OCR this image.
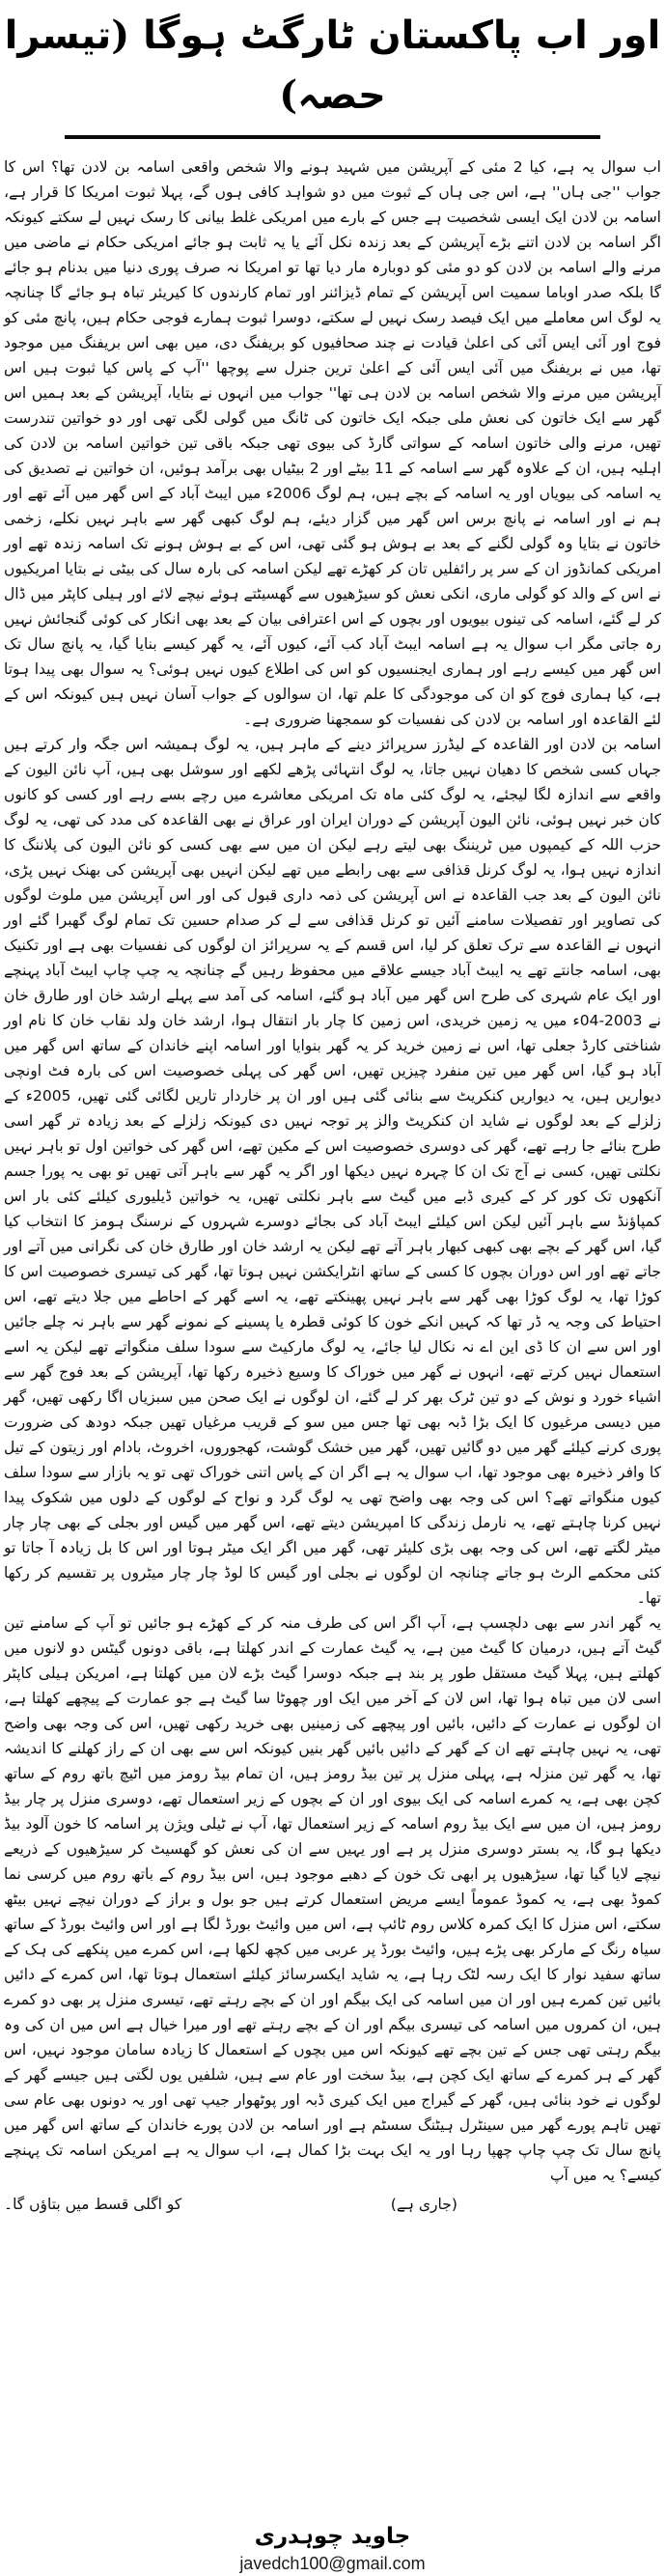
اور اب پاکستان ٹارگٹ ہوگا (تیسرا حصہ)

اب سوال یہ ہے، کیا 2 مئی کے آپریشن میں شہید ہونے والا شخص واقعی اسامہ بن لادن تھا؟ اس کا جواب ''جی ہاں'' ہے، اس جی ہاں کے ثبوت میں دو شواہد کافی ہوں گے، پہلا ثبوت امریکا کا قرار ہے، اسامہ بن لادن ایک ایسی شخصیت ہے جس کے بارے میں امریکی غلط بیانی کا رسک نہیں لے سکتے کیونکہ اگر اسامہ بن لادن اتنے بڑے آپریشن کے بعد زندہ نکل آئے یا یہ ثابت ہو جائے امریکی حکام نے ماضی میں مرنے والے اسامہ بن لادن کو دو مئی کو دوبارہ مار دیا تھا تو امریکا نہ صرف پوری دنیا میں بدنام ہو جائے گا بلکہ صدر اوباما سمیت اس آپریشن کے تمام ڈیزائنر اور تمام کارندوں کا کیریئر تباہ ہو جائے گا چنانچہ یہ لوگ اس معاملے میں ایک فیصد رسک نہیں لے سکتے، دوسرا ثبوت ہمارے فوجی حکام ہیں، پانچ مئی کو فوج اور آئی ایس آئی کی اعلیٰ قیادت نے چند صحافیوں کو بریفنگ دی، میں بھی اس بریفنگ میں موجود تھا، میں نے بریفنگ میں آئی ایس آئی کے اعلیٰ ترین جنرل سے پوچھا ''آپ کے پاس کیا ثبوت ہیں اس آپریشن میں مرنے والا شخص اسامہ بن لادن ہی تھا'' جواب میں انہوں نے بتایا، آپریشن کے بعد ہمیں اس گھر سے ایک خاتون کی نعش ملی جبکہ ایک خاتون کی ٹانگ میں گولی لگی تھی اور دو خواتین تندرست تھیں، مرنے والی خاتون اسامہ کے سواتی گارڈ کی بیوی تھی جبکہ باقی تین خواتین اسامہ بن لادن کی اہلیہ ہیں، ان کے علاوہ گھر سے اسامہ کے 11 بیٹے اور 2 بیٹیاں بھی برآمد ہوئیں، ان خواتین نے تصدیق کی یہ اسامہ کی بیویاں اور یہ اسامہ کے بچے ہیں، ہم لوگ 2006ء میں ایبٹ آباد کے اس گھر میں آئے تھے اور ہم نے اور اسامہ نے پانچ برس اس گھر میں گزار دیئے، ہم لوگ کبھی گھر سے باہر نہیں نکلے، زخمی خاتون نے بتایا وہ گولی لگنے کے بعد بے ہوش ہو گئی تھی، اس کے بے ہوش ہونے تک اسامہ زندہ تھے اور امریکی کمانڈوز ان کے سر پر رائفلیں تان کر کھڑے تھے لیکن اسامہ کی بارہ سال کی بیٹی نے بتایا امریکیوں نے اس کے والد کو گولی ماری، انکی نعش کو سیڑھیوں سے گھسیٹتے ہوئے نیچے لائے اور ہیلی کاپٹر میں ڈال کر لے گئے، اسامہ کی تینوں بیویوں اور بچوں کے اس اعترافی بیان کے بعد بھی انکار کی کوئی گنجائش نہیں رہ جاتی مگر اب سوال یہ ہے اسامہ ایبٹ آباد کب آئے، کیوں آئے، یہ گھر کیسے بنایا گیا، یہ پانچ سال تک اس گھر میں کیسے رہے اور ہماری ایجنسیوں کو اس کی اطلاع کیوں نہیں ہوئی؟ یہ سوال بھی پیدا ہوتا ہے، کیا ہماری فوج کو ان کی موجودگی کا علم تھا، ان سوالوں کے جواب آسان نہیں ہیں کیونکہ اس کے لئے القاعدہ اور اسامہ بن لادن کی نفسیات کو سمجھنا ضروری ہے۔

اسامہ بن لادن اور القاعدہ کے لیڈرز سرپرائز دینے کے ماہر ہیں، یہ لوگ ہمیشہ اس جگہ وار کرتے ہیں جہاں کسی شخص کا دھیان نہیں جاتا، یہ لوگ انتہائی پڑھے لکھے اور سوشل بھی ہیں، آپ نائن الیون کے واقعے سے اندازہ لگا لیجئے، یہ لوگ کئی ماہ تک امریکی معاشرے میں رچے بسے رہے اور کسی کو کانوں کان خبر نہیں ہوئی، نائن الیون آپریشن کے دوران ایران اور عراق نے بھی القاعدہ کی مدد کی تھی، یہ لوگ حزب اللہ کے کیمپوں میں ٹریننگ بھی لیتے رہے لیکن ان میں سے بھی کسی کو نائن الیون کی پلاننگ کا اندازہ نہیں ہوا، یہ لوگ کرنل قذافی سے بھی رابطے میں تھے لیکن انہیں بھی آپریشن کی بھنک نہیں پڑی، نائن الیون کے بعد جب القاعدہ نے اس آپریشن کی ذمہ داری قبول کی اور اس آپریشن میں ملوث لوگوں کی تصاویر اور تفصیلات سامنے آئیں تو کرنل قذافی سے لے کر صدام حسین تک تمام لوگ گھبرا گئے اور انہوں نے القاعدہ سے ترک تعلق کر لیا، اس قسم کے یہ سرپرائز ان لوگوں کی نفسیات بھی ہے اور تکنیک بھی، اسامہ جانتے تھے یہ ایبٹ آباد جیسے علاقے میں محفوظ رہیں گے چنانچہ یہ چپ چاپ ایبٹ آباد پہنچے اور ایک عام شہری کی طرح اس گھر میں آباد ہو گئے، اسامہ کی آمد سے پہلے ارشد خان اور طارق خان نے 2003-04ء میں یہ زمین خریدی، اس زمین کا چار بار انتقال ہوا، ارشد خان ولد نقاب خان کا نام اور شناختی کارڈ جعلی تھا، اس نے زمین خرید کر یہ گھر بنوایا اور اسامہ اپنے خاندان کے ساتھ اس گھر میں آباد ہو گیا، اس گھر میں تین منفرد چیزیں تھیں، اس گھر کی پہلی خصوصیت اس کی بارہ فٹ اونچی دیواریں ہیں، یہ دیواریں کنکریٹ سے بنائی گئی ہیں اور ان پر خاردار تاریں لگائی گئی تھیں، 2005ء کے زلزلے کے بعد لوگوں نے شاید ان کنکریٹ والز پر توجہ نہیں دی کیونکہ زلزلے کے بعد زیادہ تر گھر اسی طرح بنائے جا رہے تھے، گھر کی دوسری خصوصیت اس کے مکین تھے، اس گھر کی خواتین اول تو باہر نہیں نکلتی تھیں، کسی نے آج تک ان کا چہرہ نہیں دیکھا اور اگر یہ گھر سے باہر آتی تھیں تو بھی یہ پورا جسم آنکھوں تک کور کر کے کیری ڈبے میں گیٹ سے باہر نکلتی تھیں، یہ خواتین ڈیلیوری کیلئے کئی بار اس کمپاؤنڈ سے باہر آئیں لیکن اس کیلئے ایبٹ آباد کی بجائے دوسرے شہروں کے نرسنگ ہومز کا انتخاب کیا گیا، اس گھر کے بچے بھی کبھی کبھار باہر آتے تھے لیکن یہ ارشد خان اور طارق خان کی نگرانی میں آتے اور جاتے تھے اور اس دوران بچوں کا کسی کے ساتھ انٹرایکشن نہیں ہوتا تھا، گھر کی تیسری خصوصیت اس کا کوڑا تھا، یہ لوگ کوڑا بھی گھر سے باہر نہیں پھینکتے تھے، یہ اسے گھر کے احاطے میں جلا دیتے تھے، اس احتیاط کی وجہ یہ ڈر تھا کہ کہیں انکے خون کا کوئی قطرہ یا پسینے کے نمونے گھر سے باہر نہ چلے جائیں اور اس سے ان کا ڈی این اے نہ نکال لیا جائے، یہ لوگ مارکیٹ سے سودا سلف منگواتے تھے لیکن یہ اسے استعمال نہیں کرتے تھے، انہوں نے گھر میں خوراک کا وسیع ذخیرہ رکھا تھا، آپریشن کے بعد فوج گھر سے اشیاء خورد و نوش کے دو تین ٹرک بھر کر لے گئے، ان لوگوں نے ایک صحن میں سبزیاں اگا رکھی تھیں، گھر میں دیسی مرغیوں کا ایک بڑا ڈبہ بھی تھا جس میں سو کے قریب مرغیاں تھیں جبکہ دودھ کی ضرورت پوری کرنے کیلئے گھر میں دو گائیں تھیں، گھر میں خشک گوشت، کھجوروں، اخروٹ، بادام اور زیتون کے تیل کا وافر ذخیرہ بھی موجود تھا، اب سوال یہ ہے اگر ان کے پاس اتنی خوراک تھی تو یہ بازار سے سودا سلف کیوں منگواتے تھے؟ اس کی وجہ بھی واضح تھی یہ لوگ گرد و نواح کے لوگوں کے دلوں میں شکوک پیدا نہیں کرنا چاہتے تھے، یہ نارمل زندگی کا امپریشن دیتے تھے، اس گھر میں گیس اور بجلی کے بھی چار چار میٹر لگتے تھے، اس کی وجہ بھی بڑی کلیئر تھی، گھر میں اگر ایک میٹر ہوتا اور اس کا بل زیادہ آ جاتا تو کئی محکمے الرٹ ہو جاتے چنانچہ ان لوگوں نے بجلی اور گیس کا لوڈ چار چار میٹروں پر تقسیم کر رکھا تھا۔

یہ گھر اندر سے بھی دلچسپ ہے، آپ اگر اس کی طرف منہ کر کے کھڑے ہو جائیں تو آپ کے سامنے تین گیٹ آتے ہیں، درمیان کا گیٹ مین ہے، یہ گیٹ عمارت کے اندر کھلتا ہے، باقی دونوں گیٹس دو لانوں میں کھلتے ہیں، پہلا گیٹ مستقل طور پر بند ہے جبکہ دوسرا گیٹ بڑے لان میں کھلتا ہے، امریکن ہیلی کاپٹر اسی لان میں تباہ ہوا تھا، اس لان کے آخر میں ایک اور چھوٹا سا گیٹ ہے جو عمارت کے پیچھے کھلتا ہے، ان لوگوں نے عمارت کے دائیں، بائیں اور پیچھے کی زمینیں بھی خرید رکھی تھیں، اس کی وجہ بھی واضح تھی، یہ نہیں چاہتے تھے ان کے گھر کے دائیں بائیں گھر بنیں کیونکہ اس سے بھی ان کے راز کھلنے کا اندیشہ تھا، یہ گھر تین منزلہ ہے، پہلی منزل پر تین بیڈ رومز ہیں، ان تمام بیڈ رومز میں اٹیچ باتھ روم کے ساتھ کچن بھی ہے، یہ کمرے اسامہ کی ایک بیوی اور ان کے بچوں کے زیر استعمال تھے، دوسری منزل پر چار بیڈ رومز ہیں، ان میں سے ایک بیڈ روم اسامہ کے زیر استعمال تھا، آپ نے ٹیلی ویژن پر اسامہ کا خون آلود بیڈ دیکھا ہو گا، یہ بستر دوسری منزل پر ہے اور یہیں سے ان کی نعش کو گھسیٹ کر سیڑھیوں کے ذریعے نیچے لایا گیا تھا، سیڑھیوں پر ابھی تک خون کے دھبے موجود ہیں، اس بیڈ روم کے باتھ روم میں کرسی نما کموڈ بھی ہے، یہ کموڈ عموماً ایسے مریض استعمال کرتے ہیں جو بول و براز کے دوران نیچے نہیں بیٹھ سکتے، اس منزل کا ایک کمرہ کلاس روم ٹائپ ہے، اس میں وائیٹ بورڈ لگا ہے اور اس وائیٹ بورڈ کے ساتھ سیاہ رنگ کے مارکر بھی پڑے ہیں، وائیٹ بورڈ پر عربی میں کچھ لکھا ہے، اس کمرے میں پنکھے کی ہک کے ساتھ سفید نوار کا ایک رسہ لٹک رہا ہے، یہ شاید ایکسرسائز کیلئے استعمال ہوتا تھا، اس کمرے کے دائیں بائیں تین کمرے ہیں اور ان میں اسامہ کی ایک بیگم اور ان کے بچے رہتے تھے، تیسری منزل پر بھی دو کمرے ہیں، ان کمروں میں اسامہ کی تیسری بیگم اور ان کے بچے رہتے تھے اور میرا خیال ہے اس میں ان کی وہ بیگم رہتی تھی جس کے تین بچے تھے کیونکہ اس میں بچوں کے استعمال کا زیادہ سامان موجود نہیں، اس گھر کے ہر کمرے کے ساتھ ایک کچن ہے، بیڈ سخت اور عام سے ہیں، شلفیں یوں لگتی ہیں جیسے گھر کے لوگوں نے خود بنائی ہیں، گھر کے گیراج میں ایک کیری ڈبہ اور پوٹھوار جیپ تھی اور یہ دونوں بھی عام سی تھیں تاہم پورے گھر میں سینٹرل ہیٹنگ سسٹم ہے اور اسامہ بن لادن پورے خاندان کے ساتھ اس گھر میں پانچ سال تک چپ چاپ چھپا رہا اور یہ ایک بہت بڑا کمال ہے، اب سوال یہ ہے امریکن اسامہ تک پہنچے کیسے؟ یہ میں آپ

کو اگلی قسط میں بتاؤں گا۔	(جاری ہے)
جاوید چوہدری
javedch100@gmail.com
